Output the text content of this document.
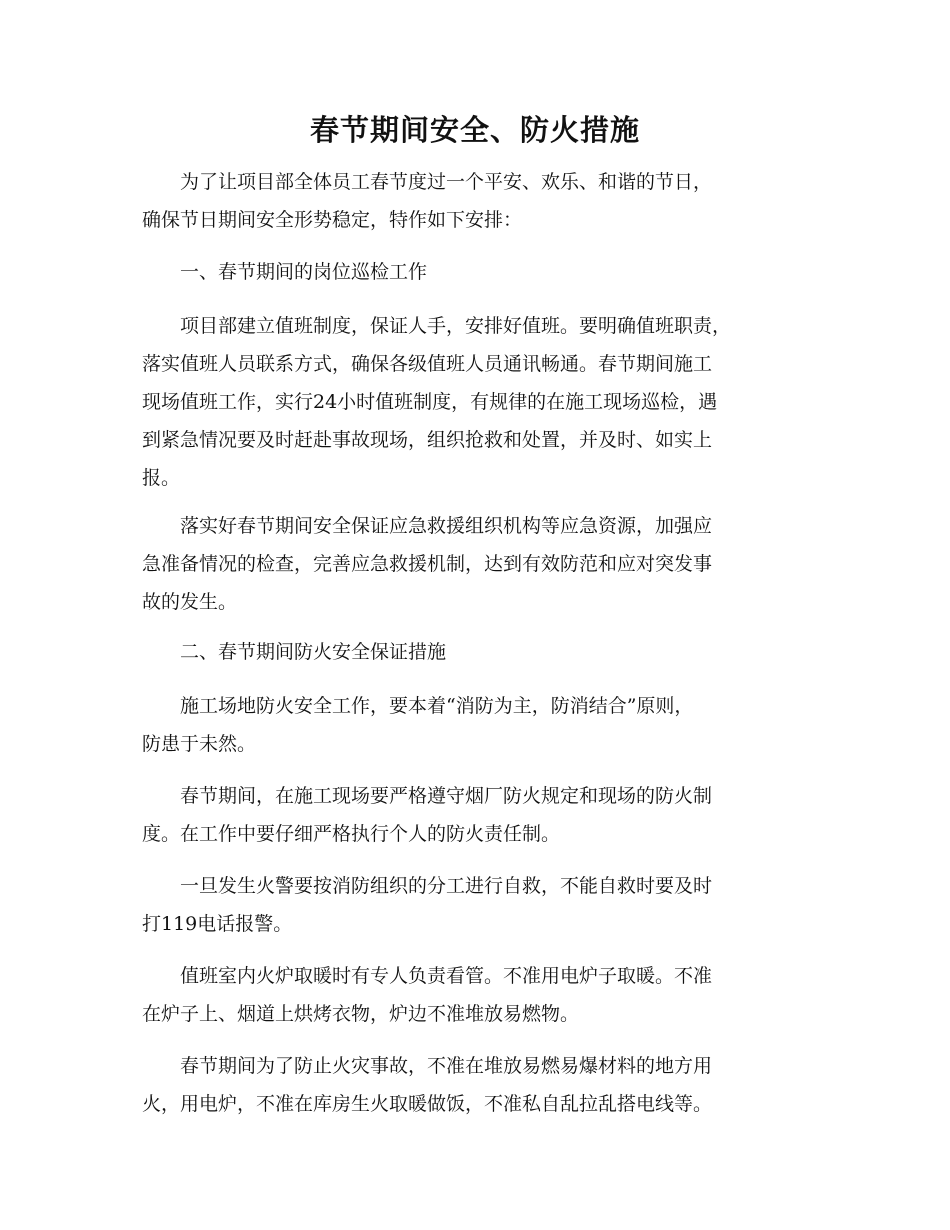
春节期间安全、防火措施

　　为了让项目部全体员工春节度过一个平安、欢乐、和谐的节日，
确保节日期间安全形势稳定，特作如下安排：

　　一、春节期间的岗位巡检工作

　　项目部建立值班制度，保证人手，安排好值班。要明确值班职责，
落实值班人员联系方式，确保各级值班人员通讯畅通。春节期间施工
现场值班工作，实行24小时值班制度，有规律的在施工现场巡检，遇
到紧急情况要及时赶赴事故现场，组织抢救和处置，并及时、如实上
报。

　　落实好春节期间安全保证应急救援组织机构等应急资源，加强应
急准备情况的检查，完善应急救援机制，达到有效防范和应对突发事
故的发生。

　　二、春节期间防火安全保证措施

　　施工场地防火安全工作，要本着“消防为主，防消结合”原则，
防患于未然。

　　春节期间，在施工现场要严格遵守烟厂防火规定和现场的防火制
度。在工作中要仔细严格执行个人的防火责任制。

　　一旦发生火警要按消防组织的分工进行自救，不能自救时要及时
打119电话报警。

　　值班室内火炉取暖时有专人负责看管。不准用电炉子取暖。不准
在炉子上、烟道上烘烤衣物，炉边不准堆放易燃物。

　　春节期间为了防止火灾事故，不准在堆放易燃易爆材料的地方用
火，用电炉，不准在库房生火取暖做饭，不准私自乱拉乱搭电线等。
